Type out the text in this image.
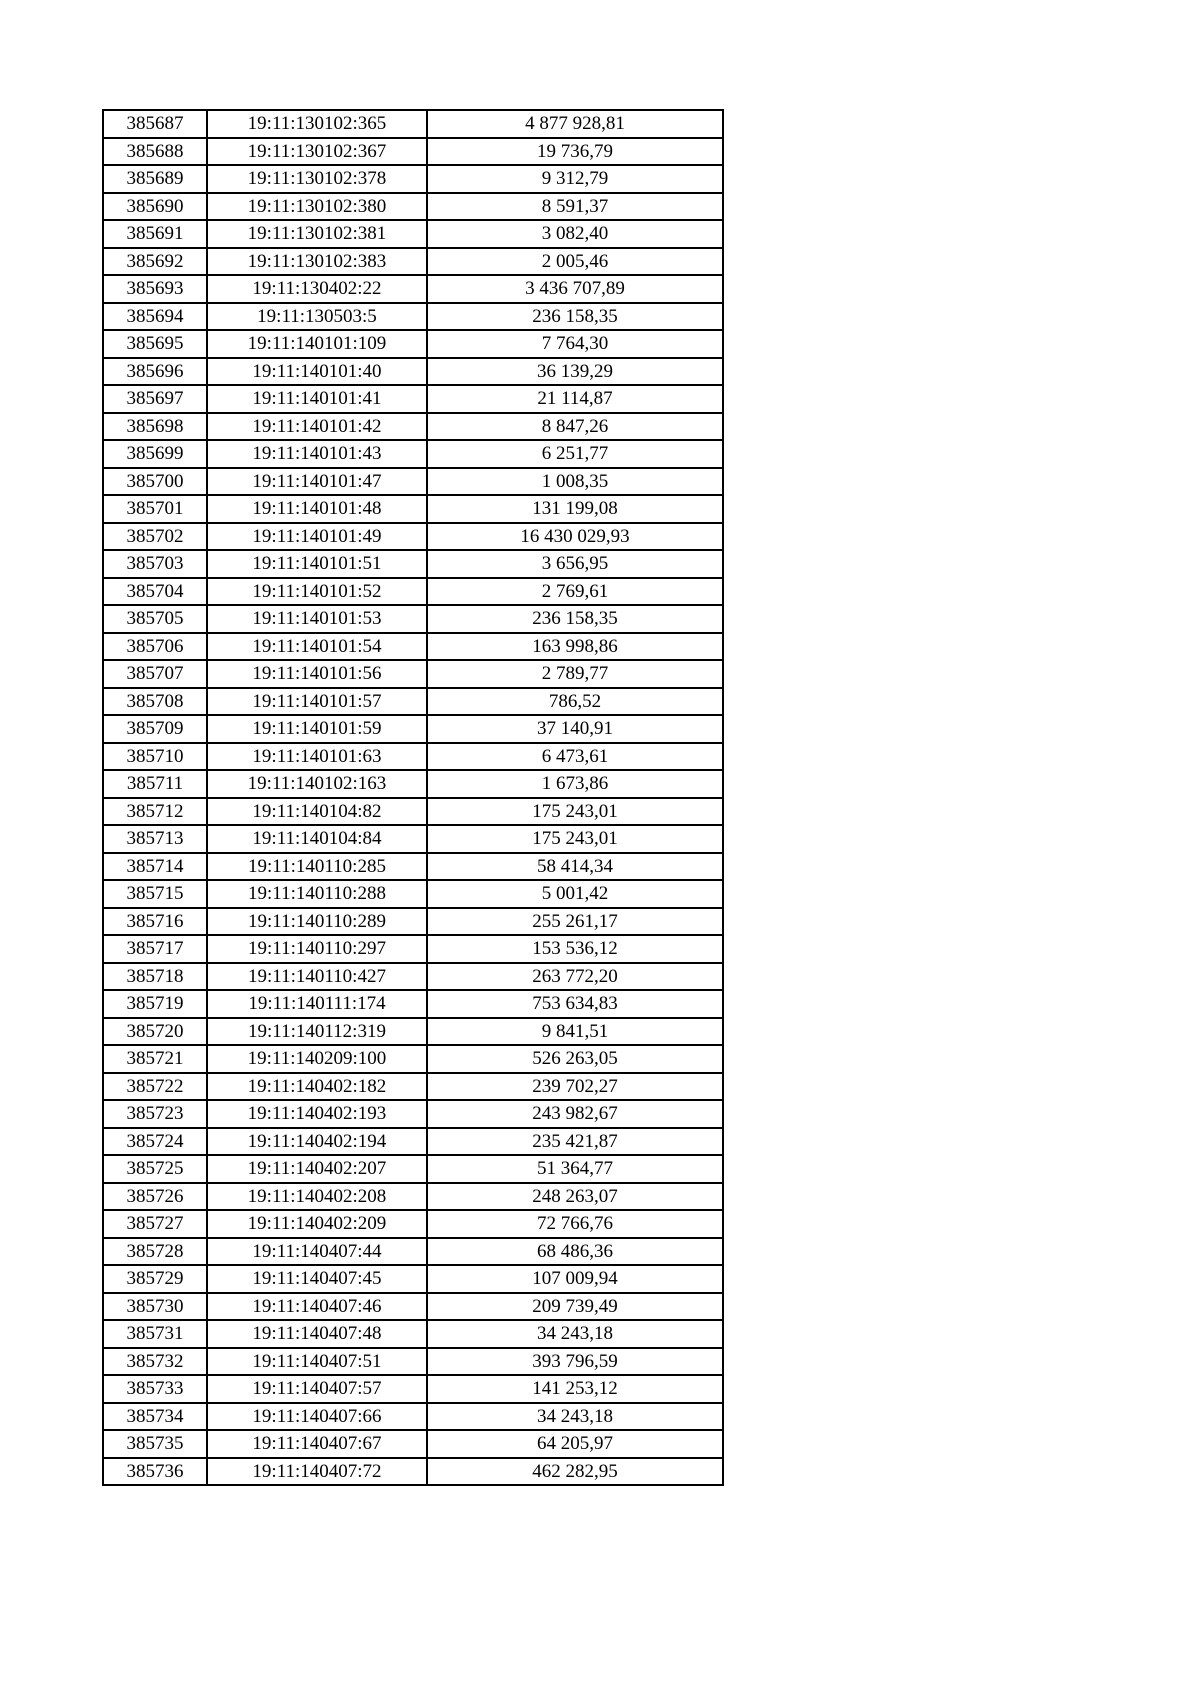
385687	19:11:130102:365	4 877 928,81
385688	19:11:130102:367	19 736,79
385689	19:11:130102:378	9 312,79
385690	19:11:130102:380	8 591,37
385691	19:11:130102:381	3 082,40
385692	19:11:130102:383	2 005,46
385693	19:11:130402:22	3 436 707,89
385694	19:11:130503:5	236 158,35
385695	19:11:140101:109	7 764,30
385696	19:11:140101:40	36 139,29
385697	19:11:140101:41	21 114,87
385698	19:11:140101:42	8 847,26
385699	19:11:140101:43	6 251,77
385700	19:11:140101:47	1 008,35
385701	19:11:140101:48	131 199,08
385702	19:11:140101:49	16 430 029,93
385703	19:11:140101:51	3 656,95
385704	19:11:140101:52	2 769,61
385705	19:11:140101:53	236 158,35
385706	19:11:140101:54	163 998,86
385707	19:11:140101:56	2 789,77
385708	19:11:140101:57	786,52
385709	19:11:140101:59	37 140,91
385710	19:11:140101:63	6 473,61
385711	19:11:140102:163	1 673,86
385712	19:11:140104:82	175 243,01
385713	19:11:140104:84	175 243,01
385714	19:11:140110:285	58 414,34
385715	19:11:140110:288	5 001,42
385716	19:11:140110:289	255 261,17
385717	19:11:140110:297	153 536,12
385718	19:11:140110:427	263 772,20
385719	19:11:140111:174	753 634,83
385720	19:11:140112:319	9 841,51
385721	19:11:140209:100	526 263,05
385722	19:11:140402:182	239 702,27
385723	19:11:140402:193	243 982,67
385724	19:11:140402:194	235 421,87
385725	19:11:140402:207	51 364,77
385726	19:11:140402:208	248 263,07
385727	19:11:140402:209	72 766,76
385728	19:11:140407:44	68 486,36
385729	19:11:140407:45	107 009,94
385730	19:11:140407:46	209 739,49
385731	19:11:140407:48	34 243,18
385732	19:11:140407:51	393 796,59
385733	19:11:140407:57	141 253,12
385734	19:11:140407:66	34 243,18
385735	19:11:140407:67	64 205,97
385736	19:11:140407:72	462 282,95
